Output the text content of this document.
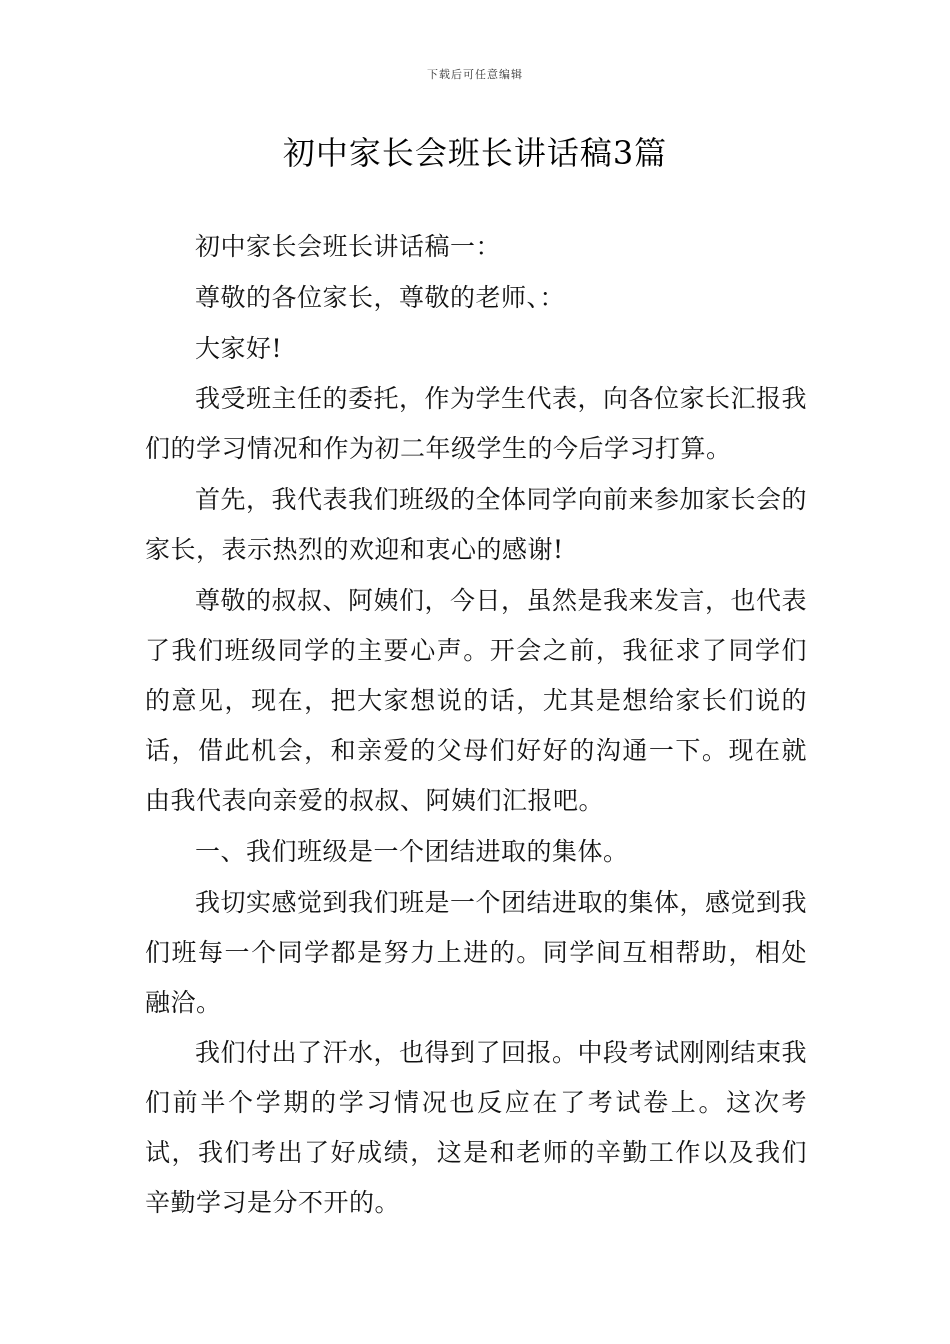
下载后可任意编辑
初中家长会班长讲话稿3篇

初中家长会班长讲话稿一：

尊敬的各位家长，尊敬的老师、：

大家好!

我受班主任的委托，作为学生代表，向各位家长汇报我们的学习情况和作为初二年级学生的今后学习打算。

首先，我代表我们班级的全体同学向前来参加家长会的家长，表示热烈的欢迎和衷心的感谢!

尊敬的叔叔、阿姨们，今日，虽然是我来发言，也代表了我们班级同学的主要心声。开会之前，我征求了同学们的意见，现在，把大家想说的话，尤其是想给家长们说的话，借此机会，和亲爱的父母们好好的沟通一下。现在就由我代表向亲爱的叔叔、阿姨们汇报吧。

一、我们班级是一个团结进取的集体。

我切实感觉到我们班是一个团结进取的集体，感觉到我们班每一个同学都是努力上进的。同学间互相帮助，相处融洽。

我们付出了汗水，也得到了回报。中段考试刚刚结束我们前半个学期的学习情况也反应在了考试卷上。这次考试，我们考出了好成绩，这是和老师的辛勤工作以及我们辛勤学习是分不开的。
